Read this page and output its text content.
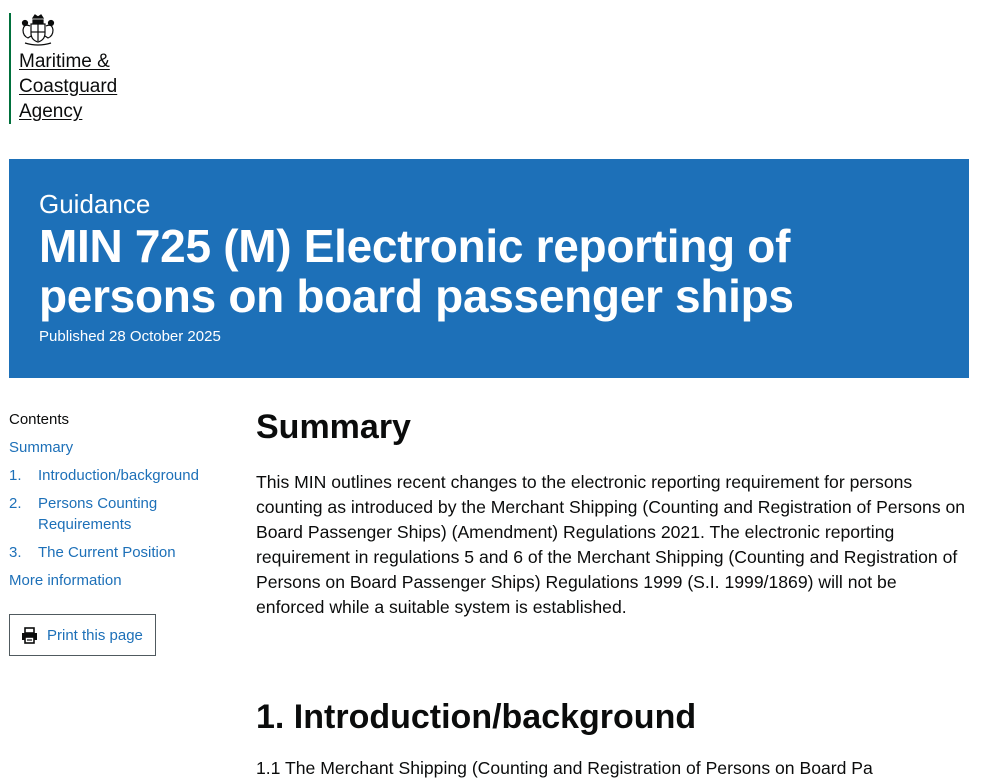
Maritime & Coastguard Agency
Guidance
MIN 725 (M) Electronic reporting of persons on board passenger ships
Published 28 October 2025
Contents
Summary
1.	Introduction/background
2.	Persons Counting Requirements
3.	The Current Position
More information
Print this page
Summary

This MIN outlines recent changes to the electronic reporting requirement for persons counting as introduced by the Merchant Shipping (Counting and Registration of Persons on Board Passenger Ships) (Amendment) Regulations 2021. The electronic reporting requirement in regulations 5 and 6 of the Merchant Shipping (Counting and Registration of Persons on Board Passenger Ships) Regulations 1999 (S.I. 1999/1869) will not be enforced while a suitable system is established.

1. Introduction/background

1.1 The Merchant Shipping (Counting and Registration of Persons on Board Pa
